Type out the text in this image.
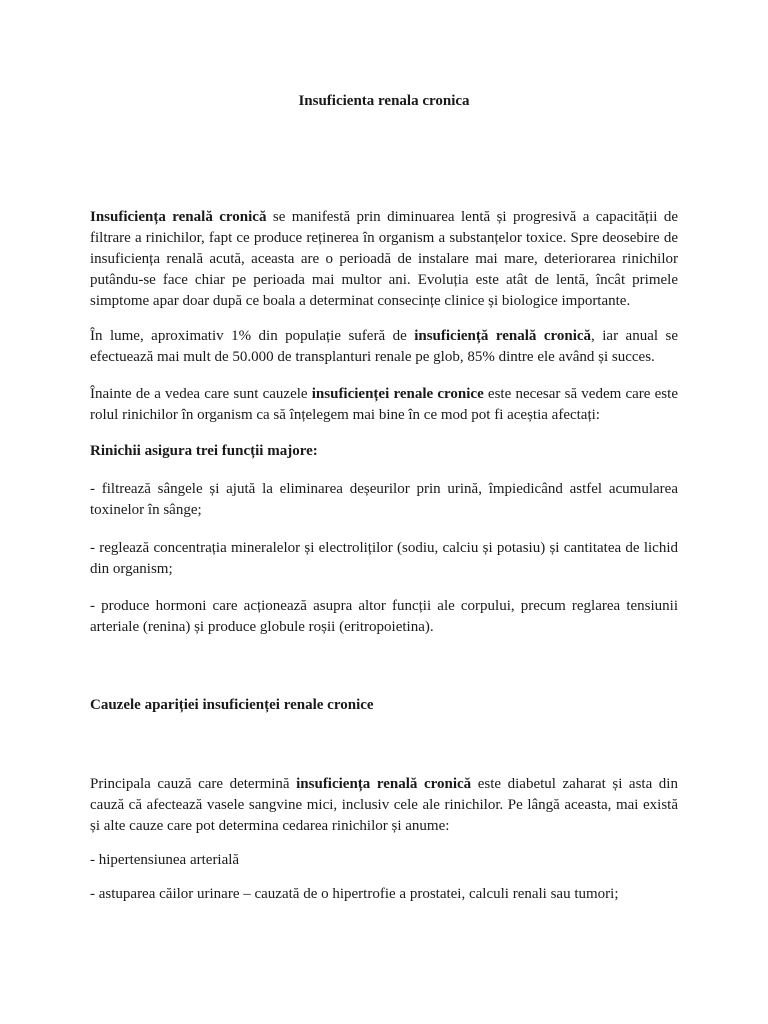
Insuficienta renala cronica

Insuficiența renală cronică se manifestă prin diminuarea lentă și progresivă a capacității de filtrare a rinichilor, fapt ce produce reținerea în organism a substanțelor toxice. Spre deosebire de insuficiența renală acută, aceasta are o perioadă de instalare mai mare, deteriorarea rinichilor putându-se face chiar pe perioada mai multor ani. Evoluția este atât de lentă, încât primele simptome apar doar după ce boala a determinat consecințe clinice și biologice importante.

În lume, aproximativ 1% din populație suferă de insuficiență renală cronică, iar anual se efectuează mai mult de 50.000 de transplanturi renale pe glob, 85% dintre ele având și succes.

Înainte de a vedea care sunt cauzele insuficienței renale cronice este necesar să vedem care este rolul rinichilor în organism ca să înțelegem mai bine în ce mod pot fi aceștia afectați:

Rinichii asigura trei funcții majore:

- filtrează sângele și ajută la eliminarea deșeurilor prin urină, împiedicând astfel acumularea toxinelor în sânge;

- reglează concentrația mineralelor și electroliților (sodiu, calciu și potasiu) și cantitatea de lichid din organism;

- produce hormoni care acționează asupra altor funcții ale corpului, precum reglarea tensiunii arteriale (renina) și produce globule roșii (eritropoietina).

Cauzele apariției insuficienței renale cronice

Principala cauză care determină insuficiența renală cronică este diabetul zaharat și asta din cauză că afectează vasele sangvine mici, inclusiv cele ale rinichilor. Pe lângă aceasta, mai există și alte cauze care pot determina cedarea rinichilor și anume:

- hipertensiunea arterială

- astuparea căilor urinare – cauzată de o hipertrofie a prostatei, calculi renali sau tumori;
